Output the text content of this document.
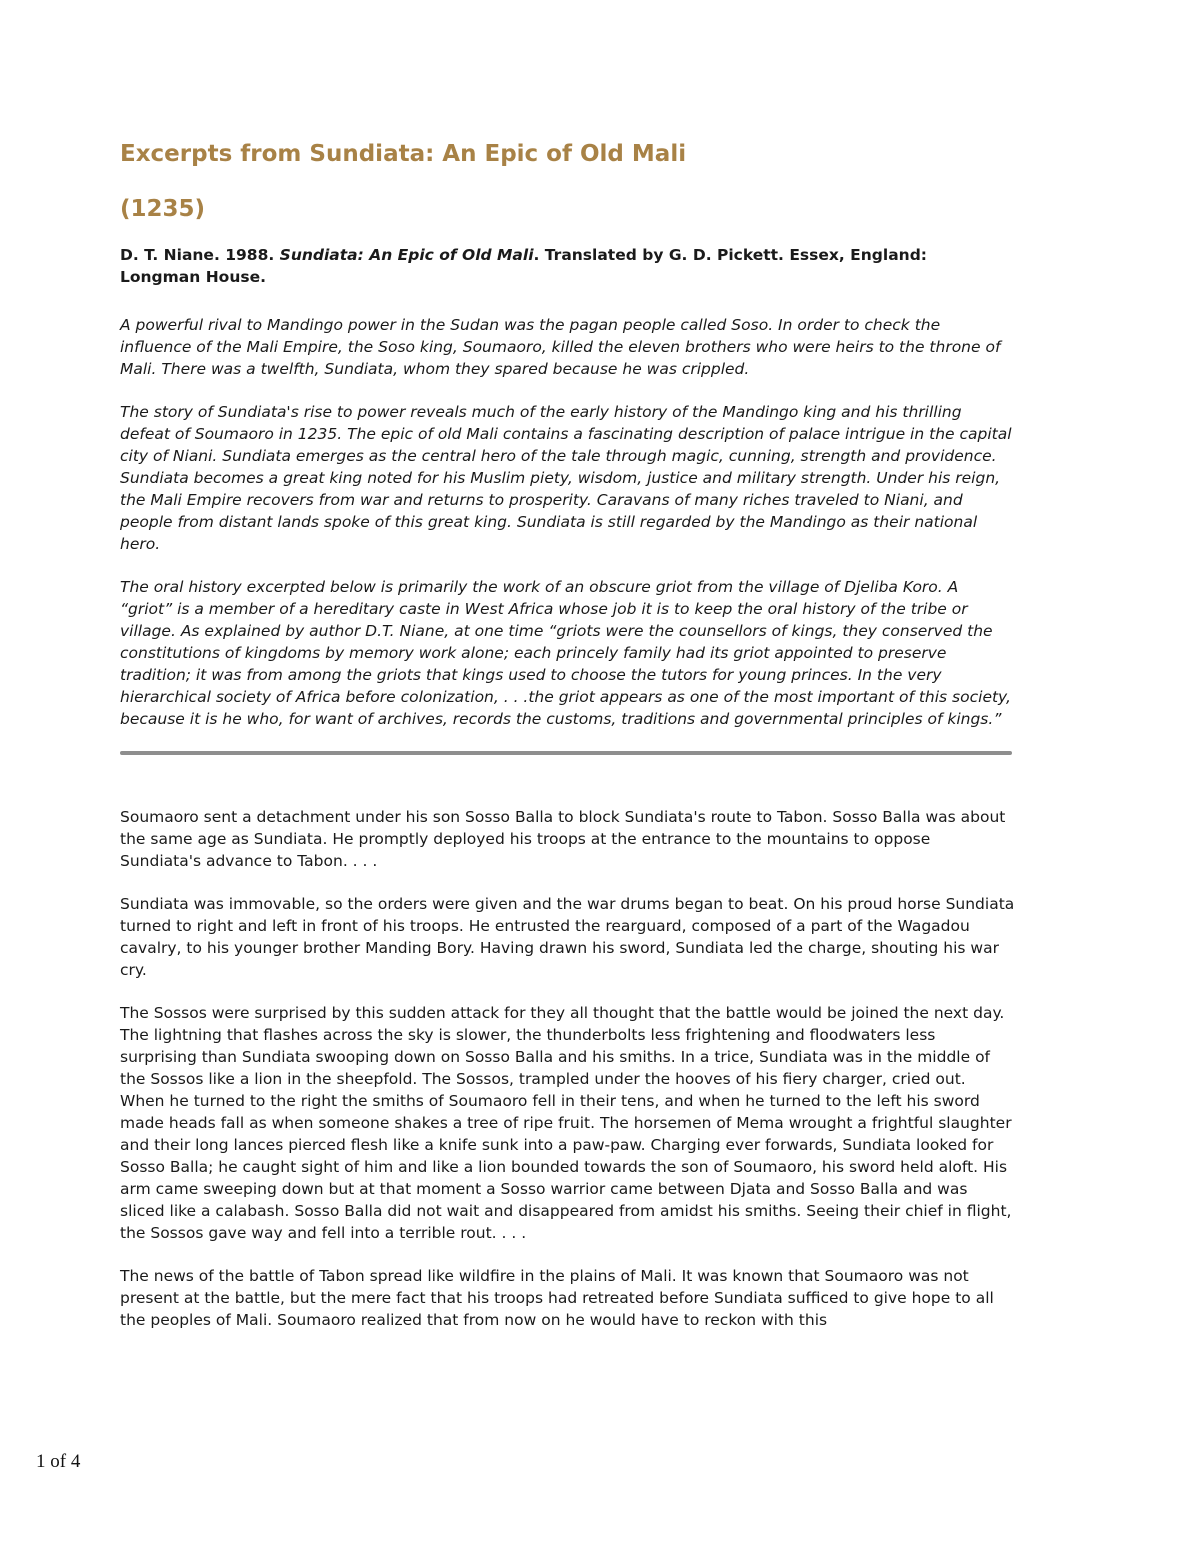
Excerpts from Sundiata: An Epic of Old Mali
(1235)

D. T. Niane. 1988. Sundiata: An Epic of Old Mali. Translated by G. D. Pickett. Essex, England: Longman House.

A powerful rival to Mandingo power in the Sudan was the pagan people called Soso. In order to check the influence of the Mali Empire, the Soso king, Soumaoro, killed the eleven brothers who were heirs to the throne of Mali. There was a twelfth, Sundiata, whom they spared because he was crippled.

The story of Sundiata's rise to power reveals much of the early history of the Mandingo king and his thrilling defeat of Soumaoro in 1235. The epic of old Mali contains a fascinating description of palace intrigue in the capital city of Niani. Sundiata emerges as the central hero of the tale through magic, cunning, strength and providence. Sundiata becomes a great king noted for his Muslim piety, wisdom, justice and military strength. Under his reign, the Mali Empire recovers from war and returns to prosperity. Caravans of many riches traveled to Niani, and people from distant lands spoke of this great king. Sundiata is still regarded by the Mandingo as their national hero.

The oral history excerpted below is primarily the work of an obscure griot from the village of Djeliba Koro. A “griot” is a member of a hereditary caste in West Africa whose job it is to keep the oral history of the tribe or village. As explained by author D.T. Niane, at one time “griots were the counsellors of kings, they conserved the constitutions of kingdoms by memory work alone; each princely family had its griot appointed to preserve tradition; it was from among the griots that kings used to choose the tutors for young princes. In the very hierarchical society of Africa before colonization, . . .the griot appears as one of the most important of this society, because it is he who, for want of archives, records the customs, traditions and governmental principles of kings.”

Soumaoro sent a detachment under his son Sosso Balla to block Sundiata's route to Tabon. Sosso Balla was about the same age as Sundiata. He promptly deployed his troops at the entrance to the mountains to oppose Sundiata's advance to Tabon. . . .

Sundiata was immovable, so the orders were given and the war drums began to beat. On his proud horse Sundiata turned to right and left in front of his troops. He entrusted the rearguard, composed of a part of the Wagadou cavalry, to his younger brother Manding Bory. Having drawn his sword, Sundiata led the charge, shouting his war cry.

The Sossos were surprised by this sudden attack for they all thought that the battle would be joined the next day. The lightning that flashes across the sky is slower, the thunderbolts less frightening and floodwaters less surprising than Sundiata swooping down on Sosso Balla and his smiths. In a trice, Sundiata was in the middle of the Sossos like a lion in the sheepfold. The Sossos, trampled under the hooves of his fiery charger, cried out. When he turned to the right the smiths of Soumaoro fell in their tens, and when he turned to the left his sword made heads fall as when someone shakes a tree of ripe fruit. The horsemen of Mema wrought a frightful slaughter and their long lances pierced flesh like a knife sunk into a paw-paw. Charging ever forwards, Sundiata looked for Sosso Balla; he caught sight of him and like a lion bounded towards the son of Soumaoro, his sword held aloft. His arm came sweeping down but at that moment a Sosso warrior came between Djata and Sosso Balla and was sliced like a calabash. Sosso Balla did not wait and disappeared from amidst his smiths. Seeing their chief in flight, the Sossos gave way and fell into a terrible rout. . . .

The news of the battle of Tabon spread like wildfire in the plains of Mali. It was known that Soumaoro was not present at the battle, but the mere fact that his troops had retreated before Sundiata sufficed to give hope to all the peoples of Mali. Soumaoro realized that from now on he would have to reckon with this

1 of 4
